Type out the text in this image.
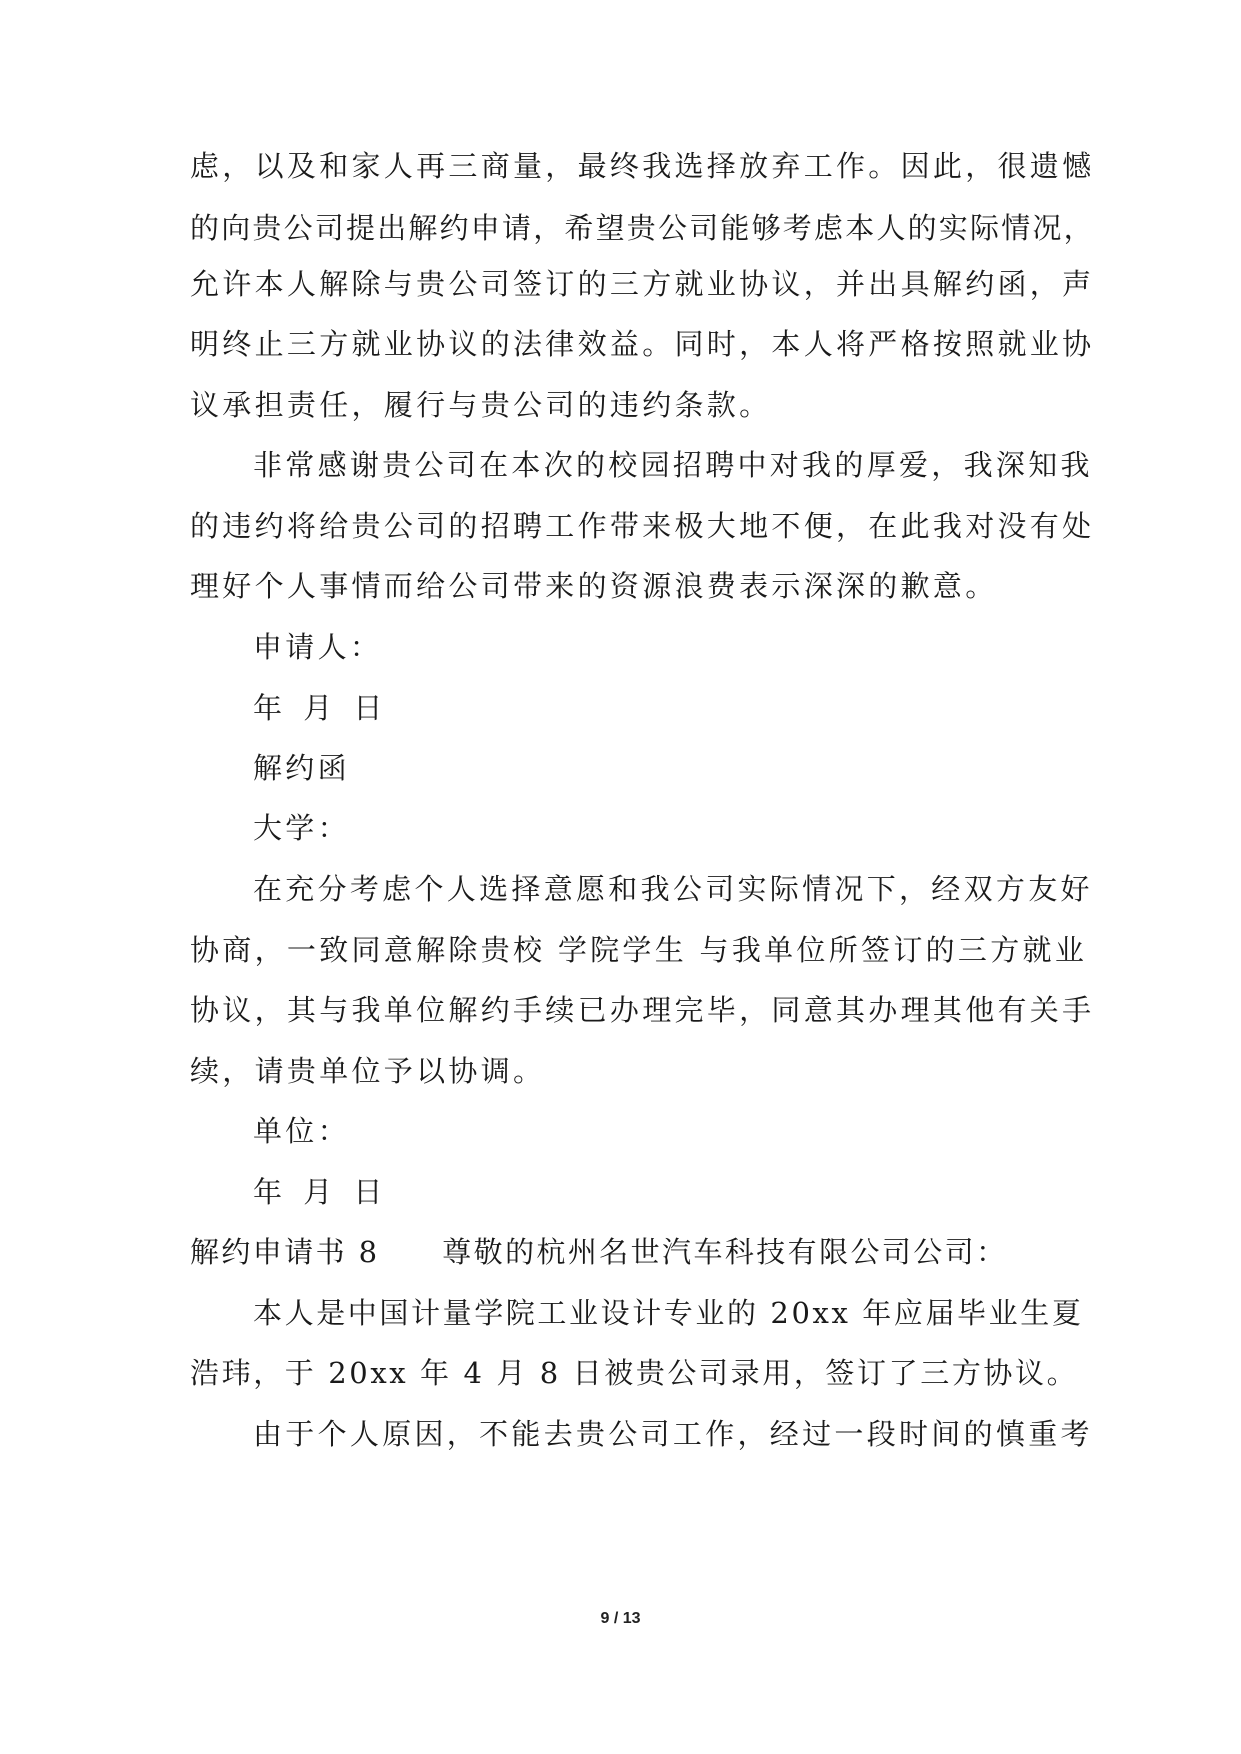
虑，以及和家人再三商量，最终我选择放弃工作。因此，很遗憾
的向贵公司提出解约申请，希望贵公司能够考虑本人的实际情况，
允许本人解除与贵公司签订的三方就业协议，并出具解约函，声
明终止三方就业协议的法律效益。同时，本人将严格按照就业协
议承担责任，履行与贵公司的违约条款。
非常感谢贵公司在本次的校园招聘中对我的厚爱，我深知我
的违约将给贵公司的招聘工作带来极大地不便，在此我对没有处
理好个人事情而给公司带来的资源浪费表示深深的歉意。
申请人：
年 月 日
解约函
大学：
在充分考虑个人选择意愿和我公司实际情况下，经双方友好
协商，一致同意解除贵校 学院学生 与我单位所签订的三方就业
协议，其与我单位解约手续已办理完毕，同意其办理其他有关手
续，请贵单位予以协调。
单位：
年 月 日
解约申请书 8　　尊敬的杭州名世汽车科技有限公司公司：
本人是中国计量学院工业设计专业的 20xx 年应届毕业生夏
浩玮，于 20xx 年 4 月 8 日被贵公司录用，签订了三方协议。
由于个人原因，不能去贵公司工作，经过一段时间的慎重考
9 / 13
